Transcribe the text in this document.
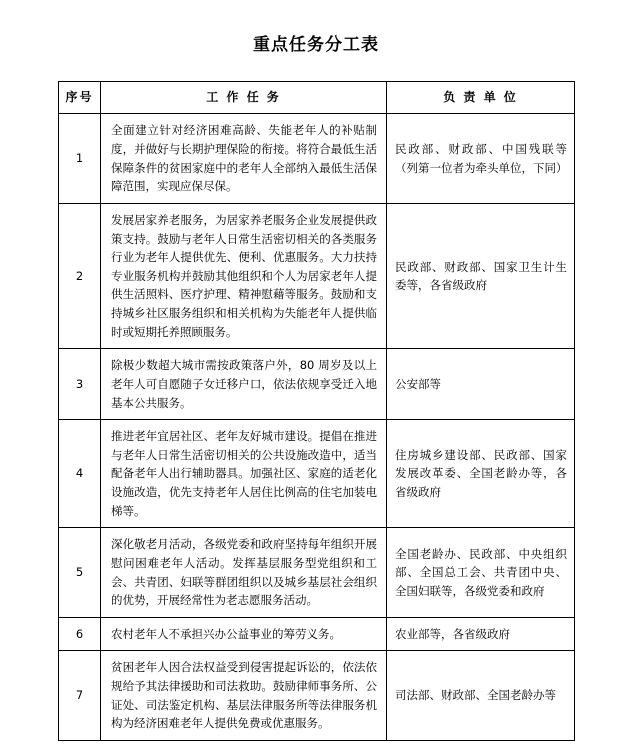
重点任务分工表
序号	工 作 任 务	负 责 单 位
1	全面建立针对经济困难高龄、失能老年人的补贴制度，并做好与长期护理保险的衔接。将符合最低生活保障条件的贫困家庭中的老年人全部纳入最低生活保障范围，实现应保尽保。	民政部、财政部、中国残联等（列第一位者为牵头单位，下同）
2	发展居家养老服务，为居家养老服务企业发展提供政策支持。鼓励与老年人日常生活密切相关的各类服务行业为老年人提供优先、便利、优惠服务。大力扶持专业服务机构并鼓励其他组织和个人为居家老年人提供生活照料、医疗护理、精神慰藉等服务。鼓励和支持城乡社区服务组织和相关机构为失能老年人提供临时或短期托养照顾服务。	民政部、财政部、国家卫生计生委等，各省级政府
3	除极少数超大城市需按政策落户外，80 周岁及以上老年人可自愿随子女迁移户口，依法依规享受迁入地基本公共服务。	公安部等
4	推进老年宜居社区、老年友好城市建设。提倡在推进与老年人日常生活密切相关的公共设施改造中，适当配备老年人出行辅助器具。加强社区、家庭的适老化设施改造，优先支持老年人居住比例高的住宅加装电梯等。	住房城乡建设部、民政部、国家发展改革委、全国老龄办等，各省级政府
5	深化敬老月活动，各级党委和政府坚持每年组织开展慰问困难老年人活动。发挥基层服务型党组织和工会、共青团、妇联等群团组织以及城乡基层社会组织的优势，开展经常性为老志愿服务活动。	全国老龄办、民政部、中央组织部、全国总工会、共青团中央、全国妇联等，各级党委和政府
6	农村老年人不承担兴办公益事业的筹劳义务。	农业部等，各省级政府
7	贫困老年人因合法权益受到侵害提起诉讼的，依法依规给予其法律援助和司法救助。鼓励律师事务所、公证处、司法鉴定机构、基层法律服务所等法律服务机构为经济困难老年人提供免费或优惠服务。	司法部、财政部、全国老龄办等
